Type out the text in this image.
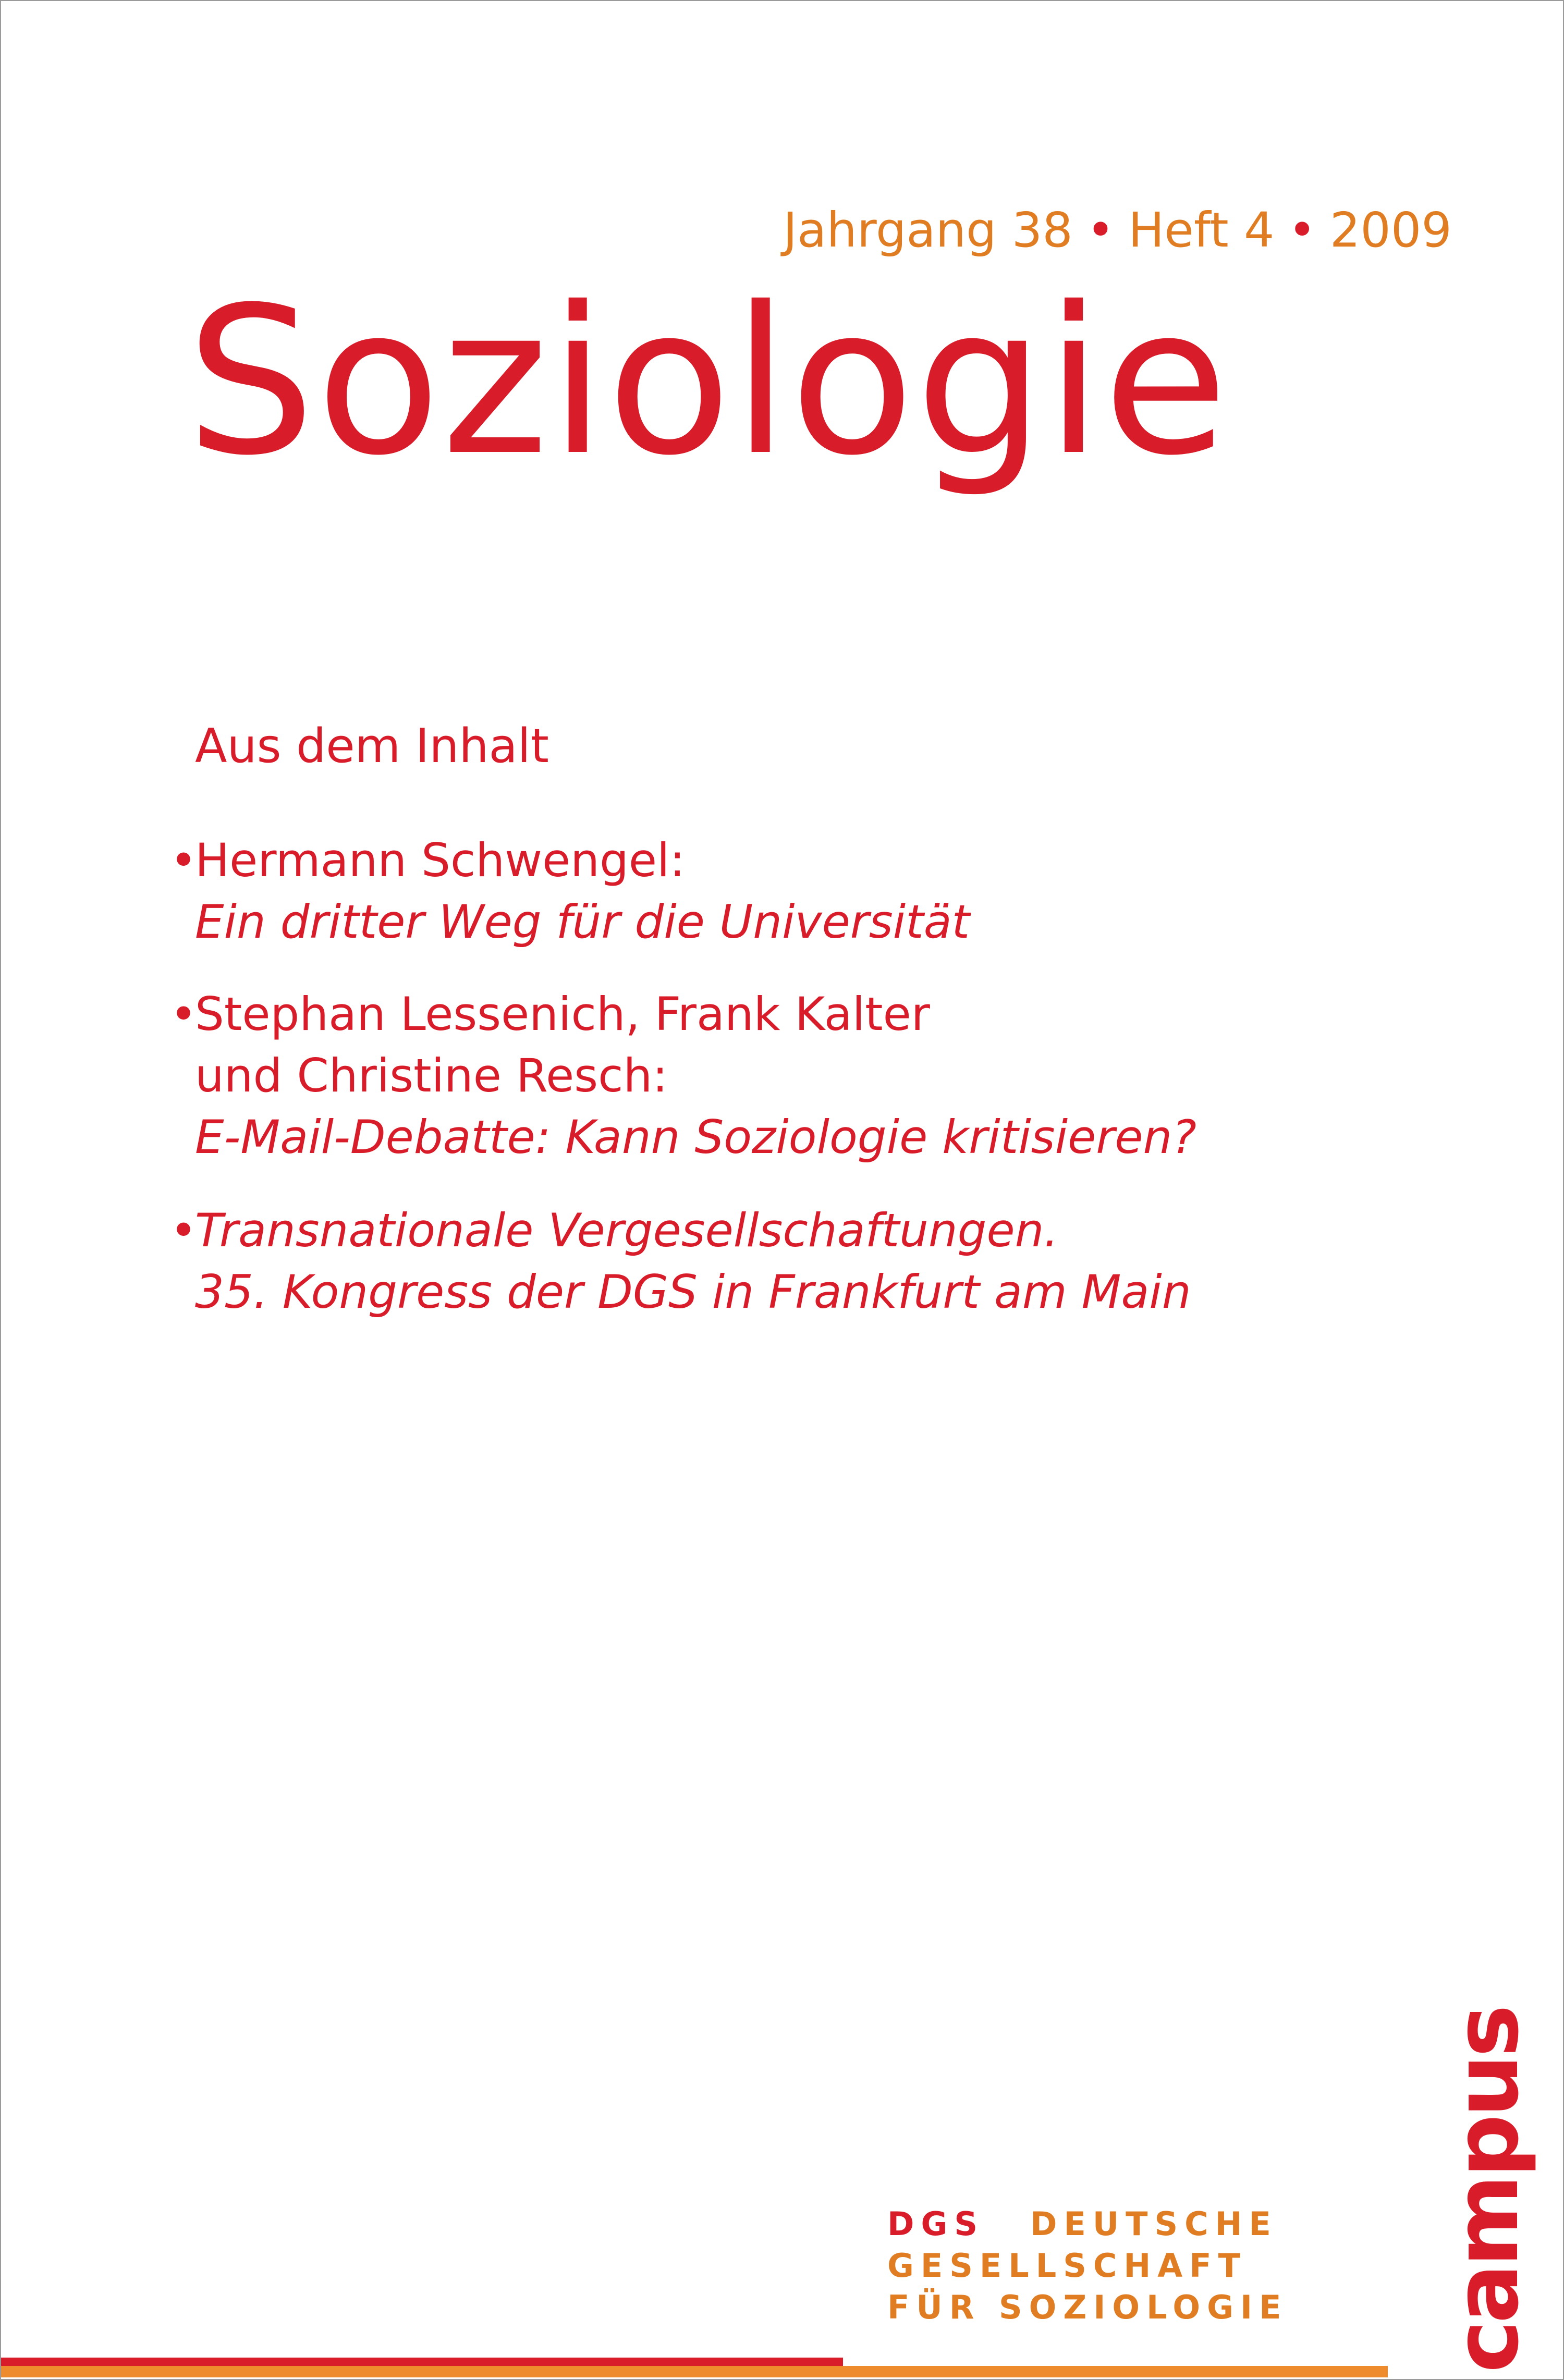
Jahrgang 38 • Heft 4 • 2009
Soziologie
Aus dem Inhalt
•
Hermann Schwengel:
Ein dritter Weg für die Universität
•
Stephan Lessenich, Frank Kalter
und Christine Resch:
E-Mail-Debatte: Kann Soziologie kritisieren?
•
Transnationale Vergesellschaftungen.
35. Kongress der DGS in Frankfurt am Main
campus
DGS DEUTSCHE
GESELLSCHAFT
FÜR SOZIOLOGIE
